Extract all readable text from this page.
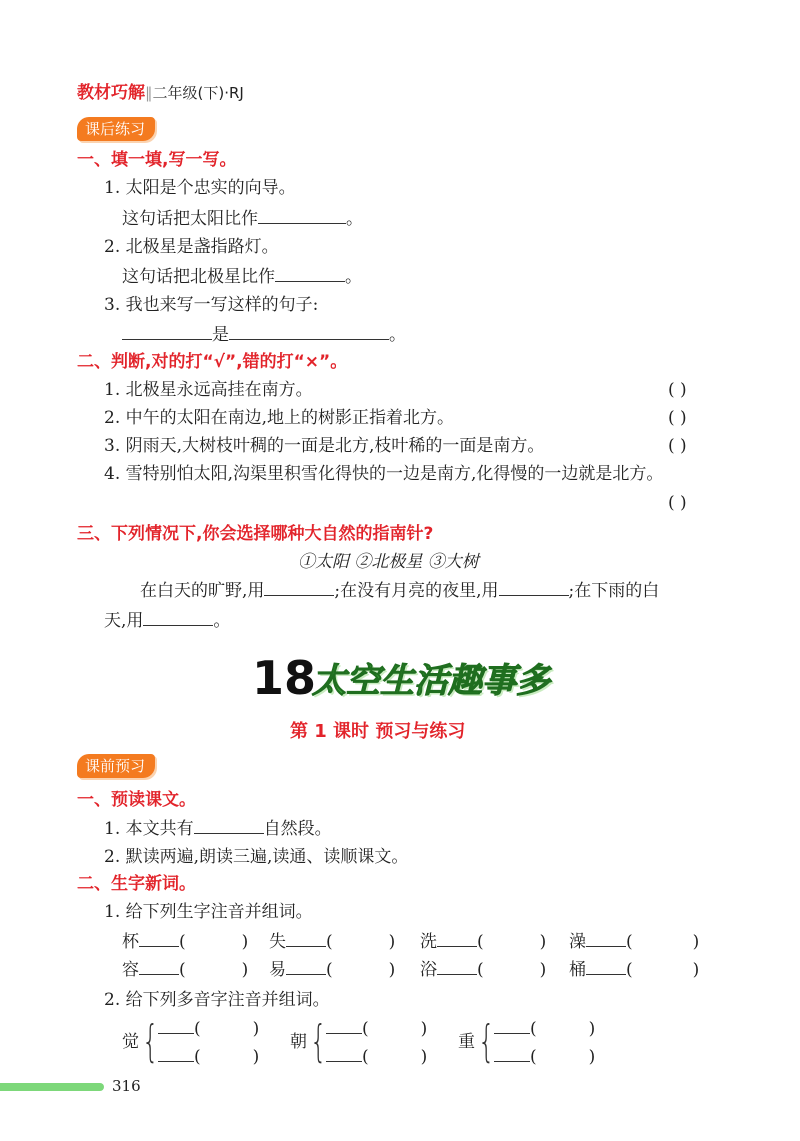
教材巧解‖二年级(下)·RJ
课后练习
一、填一填,写一写。
1. 太阳是个忠实的向导。
这句话把太阳比作	。
2. 北极星是盏指路灯。
这句话把北极星比作	。
3. 我也来写一写这样的句子:
是	。
二、判断,对的打“√”,错的打“×”。
1. 北极星永远高挂在南方。	( )
2. 中午的太阳在南边,地上的树影正指着北方。	( )
3. 阴雨天,大树枝叶稠的一面是北方,枝叶稀的一面是南方。	( )
4. 雪特别怕太阳,沟渠里积雪化得快的一边是南方,化得慢的一边就是北方。
( )
三、下列情况下,你会选择哪种大自然的指南针?
①太阳 ②北极星 ③大树
在白天的旷野,用	;在没有月亮的夜里,用	;在下雨的白
天,用	。
18
太空生活趣事多
第 1 课时 预习与练习
课前预习
一、预读课文。
1. 本文共有	自然段。
2. 默读两遍,朗读三遍,读通、读顺课文。
二、生字新词。
1. 给下列生字注音并组词。
杯 (	) 失 (	) 洗 (	) 澡 (	)
容 (	) 易 (	) 浴 (	) 桶 (	)
2. 给下列多音字注音并组词。
觉 {	(	)
(	)
朝 {	(	)
(	)
重 {	(	)
(	)
316
